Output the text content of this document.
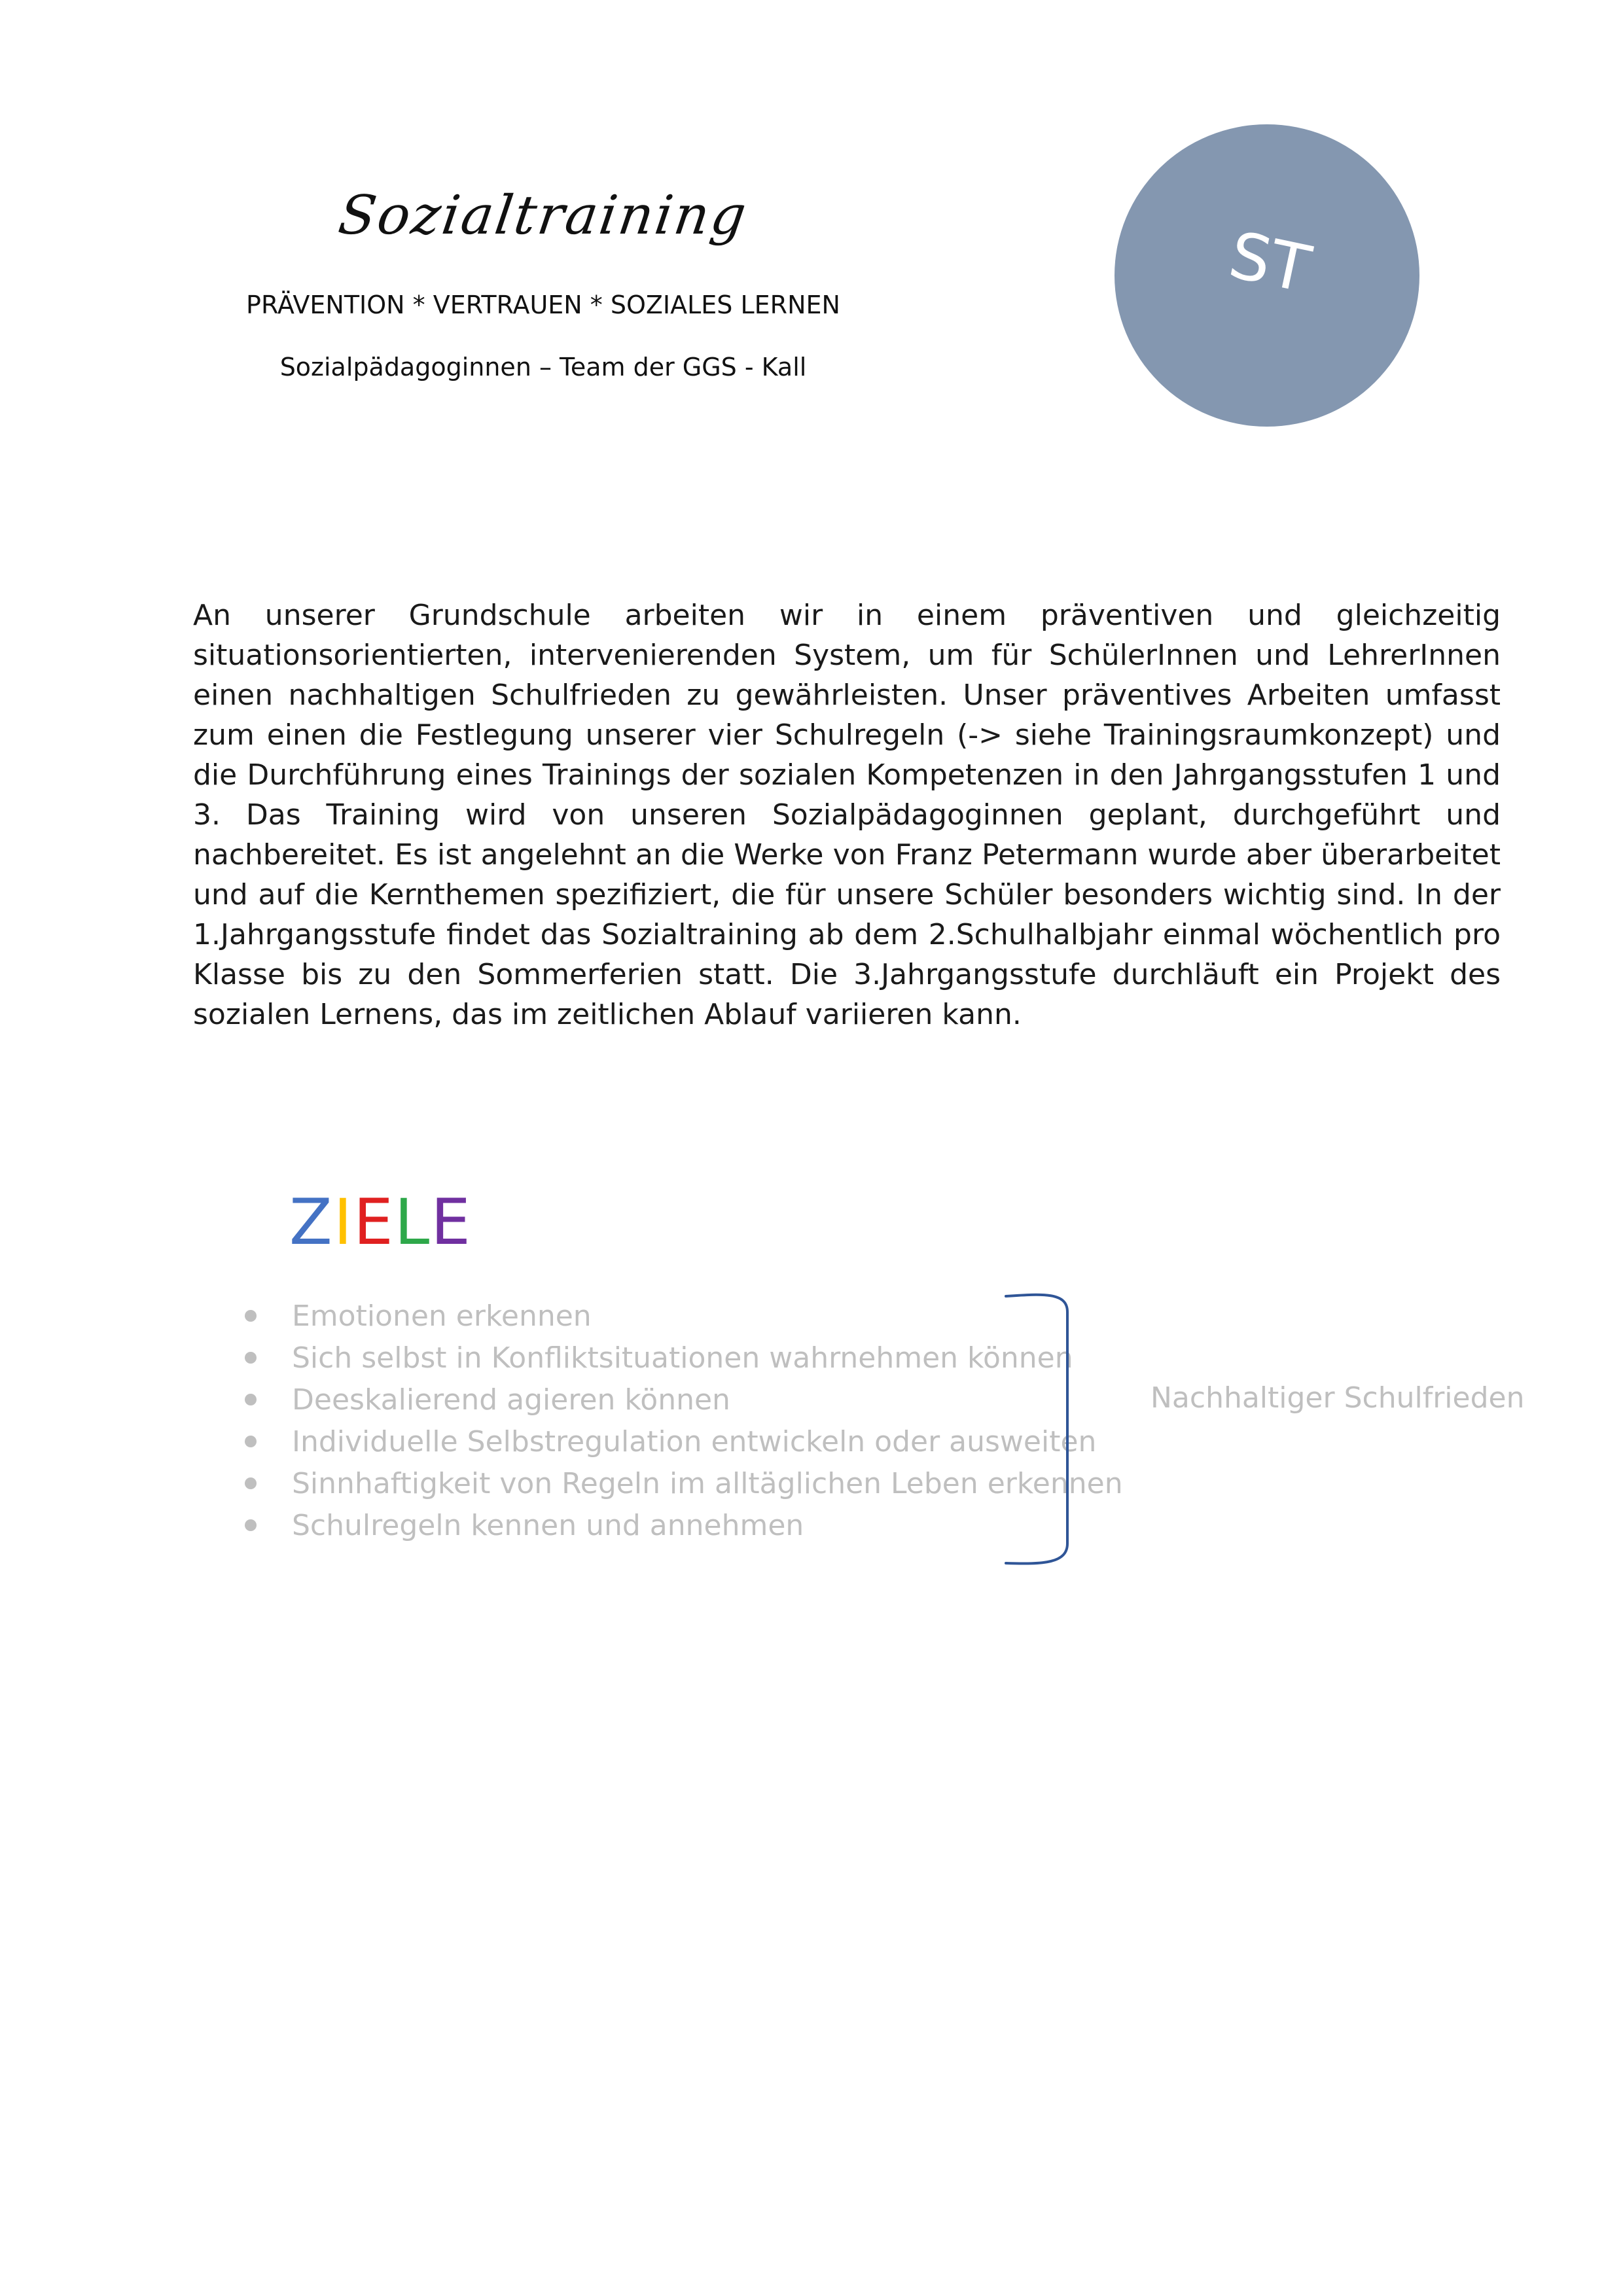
Sozialtraining
PRÄVENTION * VERTRAUEN * SOZIALES LERNEN
Sozialpädagoginnen – Team der GGS - Kall
ST

An unserer Grundschule arbeiten wir in einem präventiven und gleichzeitig situationsorientierten, intervenierenden System, um für SchülerInnen und LehrerInnen einen nachhaltigen Schulfrieden zu gewährleisten. Unser präventives Arbeiten umfasst zum einen die Festlegung unserer vier Schulregeln (-> siehe Trainingsraumkonzept) und die Durchführung eines Trainings der sozialen Kompetenzen in den Jahrgangsstufen 1 und 3. Das Training wird von unseren Sozialpädagoginnen geplant, durchgeführt und nachbereitet. Es ist angelehnt an die Werke von Franz Petermann wurde aber überarbeitet und auf die Kernthemen spezifiziert, die für unsere Schüler besonders wichtig sind. In der 1.Jahrgangsstufe findet das Sozialtraining ab dem 2.Schulhalbjahr einmal wöchentlich pro Klasse bis zu den Sommerferien statt. Die 3.Jahrgangsstufe durchläuft ein Projekt des sozialen Lernens, das im zeitlichen Ablauf variieren kann.

ZIELE
Emotionen erkennen
Sich selbst in Konfliktsituationen wahrnehmen können
Deeskalierend agieren können
Individuelle Selbstregulation entwickeln oder ausweiten
Sinnhaftigkeit von Regeln im alltäglichen Leben erkennen
Schulregeln kennen und annehmen
Nachhaltiger Schulfrieden
